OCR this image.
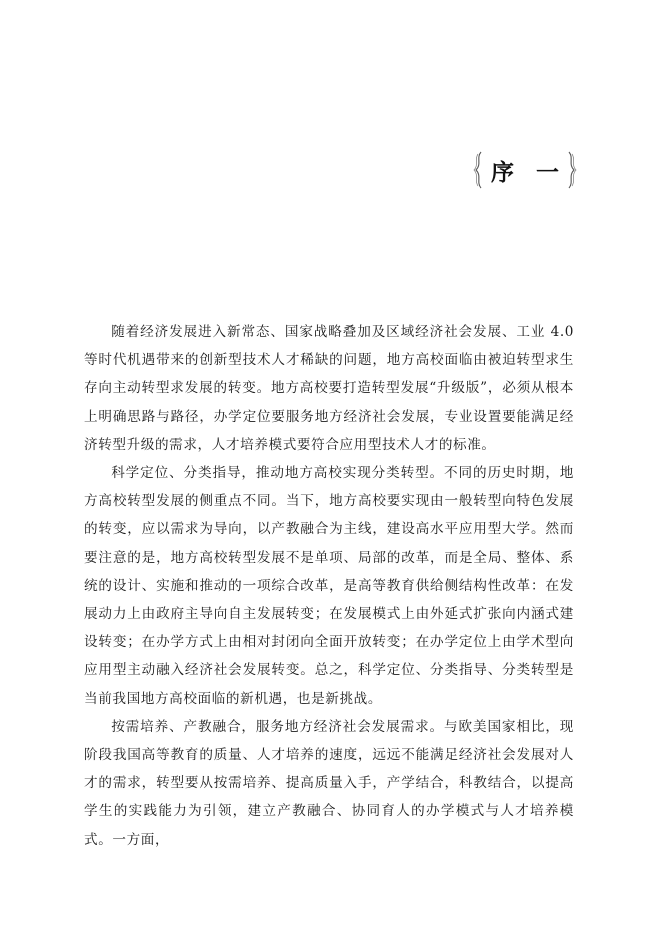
序一

随着经济发展进入新常态、国家战略叠加及区域经济社会发展、工业 4.0 等时代机遇带来的创新型技术人才稀缺的问题，地方高校面临由被迫转型求生存向主动转型求发展的转变。地方高校要打造转型发展“升级版”，必须从根本上明确思路与路径，办学定位要服务地方经济社会发展，专业设置要能满足经济转型升级的需求，人才培养模式要符合应用型技术人才的标准。

科学定位、分类指导，推动地方高校实现分类转型。不同的历史时期，地方高校转型发展的侧重点不同。当下，地方高校要实现由一般转型向特色发展的转变，应以需求为导向，以产教融合为主线，建设高水平应用型大学。然而要注意的是，地方高校转型发展不是单项、局部的改革，而是全局、整体、系统的设计、实施和推动的一项综合改革，是高等教育供给侧结构性改革：在发展动力上由政府主导向自主发展转变；在发展模式上由外延式扩张向内涵式建设转变；在办学方式上由相对封闭向全面开放转变；在办学定位上由学术型向应用型主动融入经济社会发展转变。总之，科学定位、分类指导、分类转型是当前我国地方高校面临的新机遇，也是新挑战。

按需培养、产教融合，服务地方经济社会发展需求。与欧美国家相比，现阶段我国高等教育的质量、人才培养的速度，远远不能满足经济社会发展对人才的需求，转型要从按需培养、提高质量入手，产学结合，科教结合，以提高学生的实践能力为引领，建立产教融合、协同育人的办学模式与人才培养模式。一方面，
